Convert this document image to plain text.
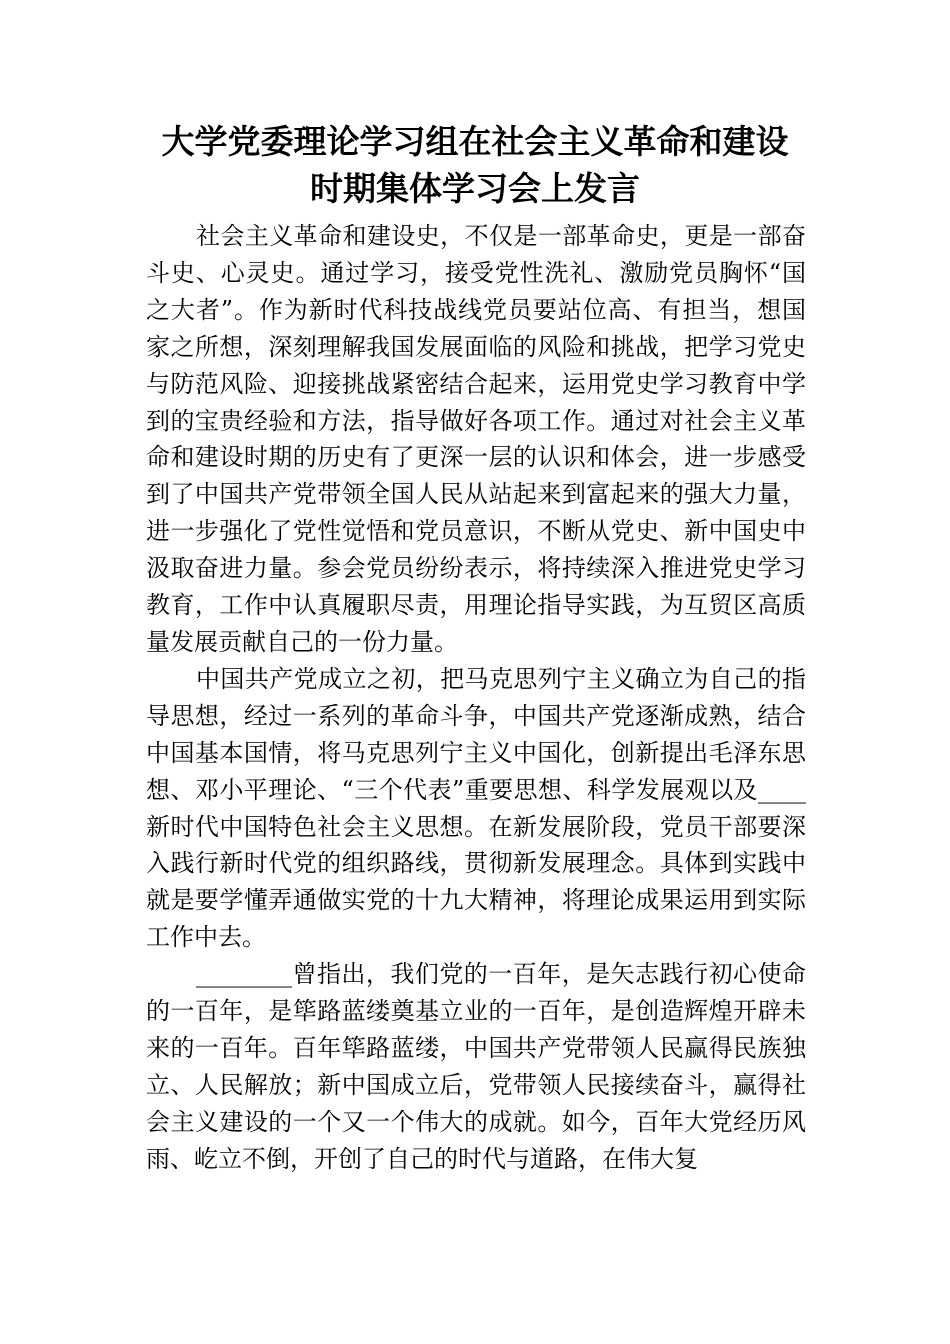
大学党委理论学习组在社会主义革命和建设
时期集体学习会上发言

社会主义革命和建设史，不仅是一部革命史，更是一部奋斗史、心灵史。通过学习，接受党性洗礼、激励党员胸怀“国之大者”。作为新时代科技战线党员要站位高、有担当，想国家之所想，深刻理解我国发展面临的风险和挑战，把学习党史与防范风险、迎接挑战紧密结合起来，运用党史学习教育中学到的宝贵经验和方法，指导做好各项工作。通过对社会主义革命和建设时期的历史有了更深一层的认识和体会，进一步感受到了中国共产党带领全国人民从站起来到富起来的强大力量，进一步强化了党性觉悟和党员意识，不断从党史、新中国史中汲取奋进力量。参会党员纷纷表示，将持续深入推进党史学习教育，工作中认真履职尽责，用理论指导实践，为互贸区高质量发展贡献自己的一份力量。

中国共产党成立之初，把马克思列宁主义确立为自己的指导思想，经过一系列的革命斗争，中国共产党逐渐成熟，结合中国基本国情，将马克思列宁主义中国化，创新提出毛泽东思想、邓小平理论、“三个代表”重要思想、科学发展观以及____新时代中国特色社会主义思想。在新发展阶段，党员干部要深入践行新时代党的组织路线，贯彻新发展理念。具体到实践中就是要学懂弄通做实党的十九大精神，将理论成果运用到实际工作中去。

________曾指出，我们党的一百年，是矢志践行初心使命的一百年，是筚路蓝缕奠基立业的一百年，是创造辉煌开辟未来的一百年。百年筚路蓝缕，中国共产党带领人民赢得民族独立、人民解放；新中国成立后，党带领人民接续奋斗，赢得社会主义建设的一个又一个伟大的成就。如今，百年大党经历风雨、屹立不倒，开创了自己的时代与道路，在伟大复
